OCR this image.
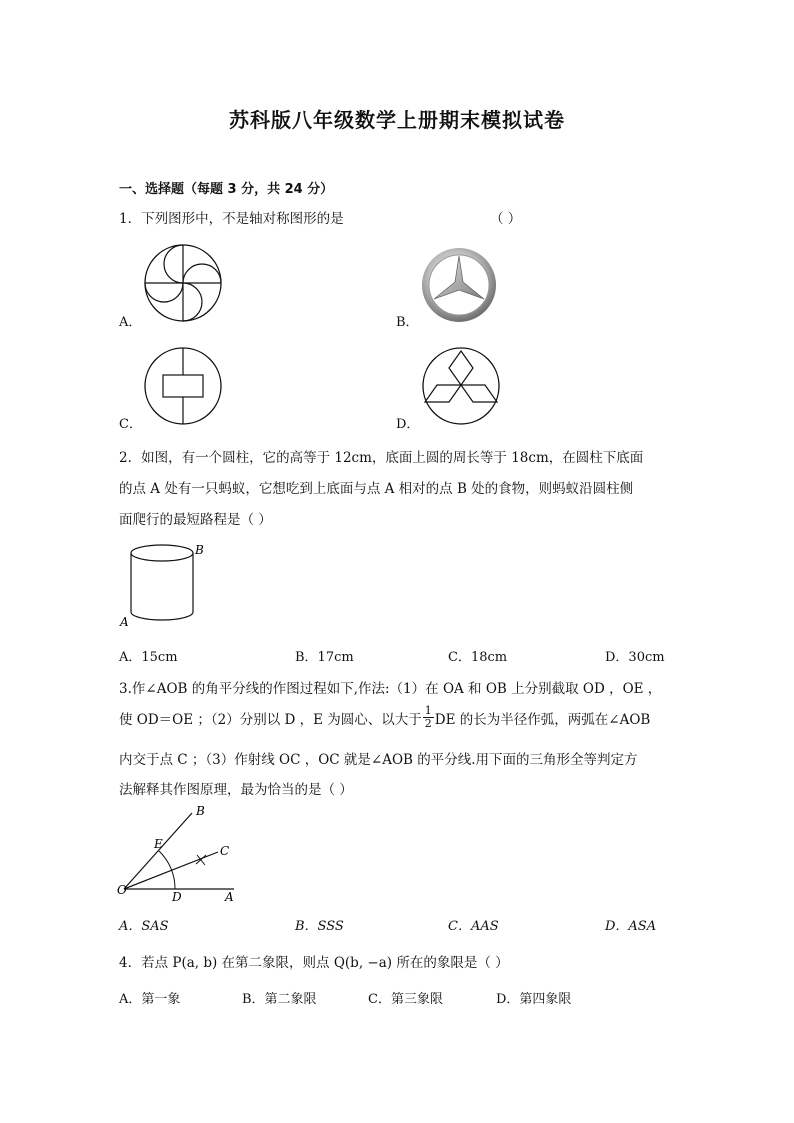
苏科版八年级数学上册期末模拟试卷
一、选择题（每题 3 分，共 24 分）
1．下列图形中，不是轴对称图形的是	（ ）
A．	B．
C．	D．
2．如图，有一个圆柱，它的高等于 12cm，底面上圆的周长等于 18cm，在圆柱下底面
的点 A 处有一只蚂蚁，它想吃到上底面与点 A 相对的点 B 处的食物，则蚂蚁沿圆柱侧
面爬行的最短路程是（ ）
B
A
A．15cm	B．17cm	C．18cm	D．30cm
3.作∠AOB 的角平分线的作图过程如下,作法:（1）在 OA 和 OB 上分别截取 OD ，OE ，
使 OD＝OE ；（2）分别以 D ，E 为圆心、以大于 $\frac{1}{2}$ DE 的长为半径作弧，两弧在∠AOB
内交于点 C ；（3）作射线 OC ，OC 就是∠AOB 的平分线.用下面的三角形全等判定方
法解释其作图原理，最为恰当的是（ ）
B
E	C
O	D	A
A．SAS	B．SSS	C．AAS	D．ASA
4．若点 P(a, b) 在第二象限，则点 Q(b, −a) 所在的象限是（ ）
A．第一象	B．第二象限	C．第三象限	D．第四象限
